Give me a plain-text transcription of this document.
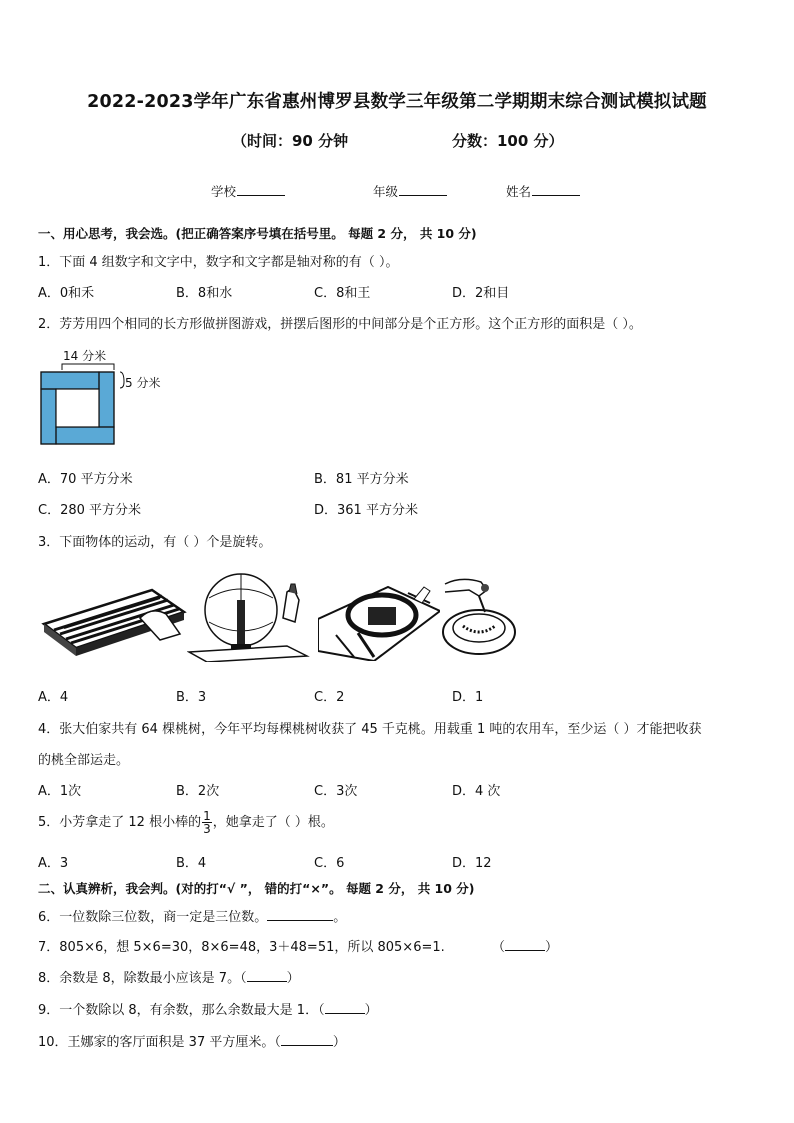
2022-2023学年广东省惠州博罗县数学三年级第二学期期末综合测试模拟试题
（时间：90 分钟	分数：100 分）
学校	年级	姓名
一、用心思考，我会选。(把正确答案序号填在括号里。 每题 2 分， 共 10 分)
1．下面 4 组数字和文字中，数字和文字都是轴对称的有（ ）。
A．0和禾	B．8和水	C．8和王	D．2和目
2．芳芳用四个相同的长方形做拼图游戏，拼摆后图形的中间部分是个正方形。这个正方形的面积是（ ）。
14 分米
5 分米
A．70 平方分米	B．81 平方分米
C．280 平方分米	D．361 平方分米
3．下面物体的运动，有（ ）个是旋转。
A．4	B．3	C．2	D．1
4．张大伯家共有 64 棵桃树，今年平均每棵桃树收获了 45 千克桃。用载重 1 吨的农用车，至少运（ ）才能把收获
的桃全部运走。
A．1次	B．2次	C．3次	D．4 次
5．小芳拿走了 12 根小棒的 $\frac{1}{3}$ ，她拿走了（ ）根。
A．3	B．4	C．6	D．12
二、认真辨析，我会判。(对的打“√ ”， 错的打“×”。 每题 2 分， 共 10 分)
6．一位数除三位数，商一定是三位数。	。
7．805×6，想 5×6=30，8×6=48，3＋48=51，所以 805×6=1.	（	）
8．余数是 8，除数最小应该是 7。（	）
9．一个数除以 8，有余数，那么余数最大是 1．（	）
10．王娜家的客厅面积是 37 平方厘米。（	）
